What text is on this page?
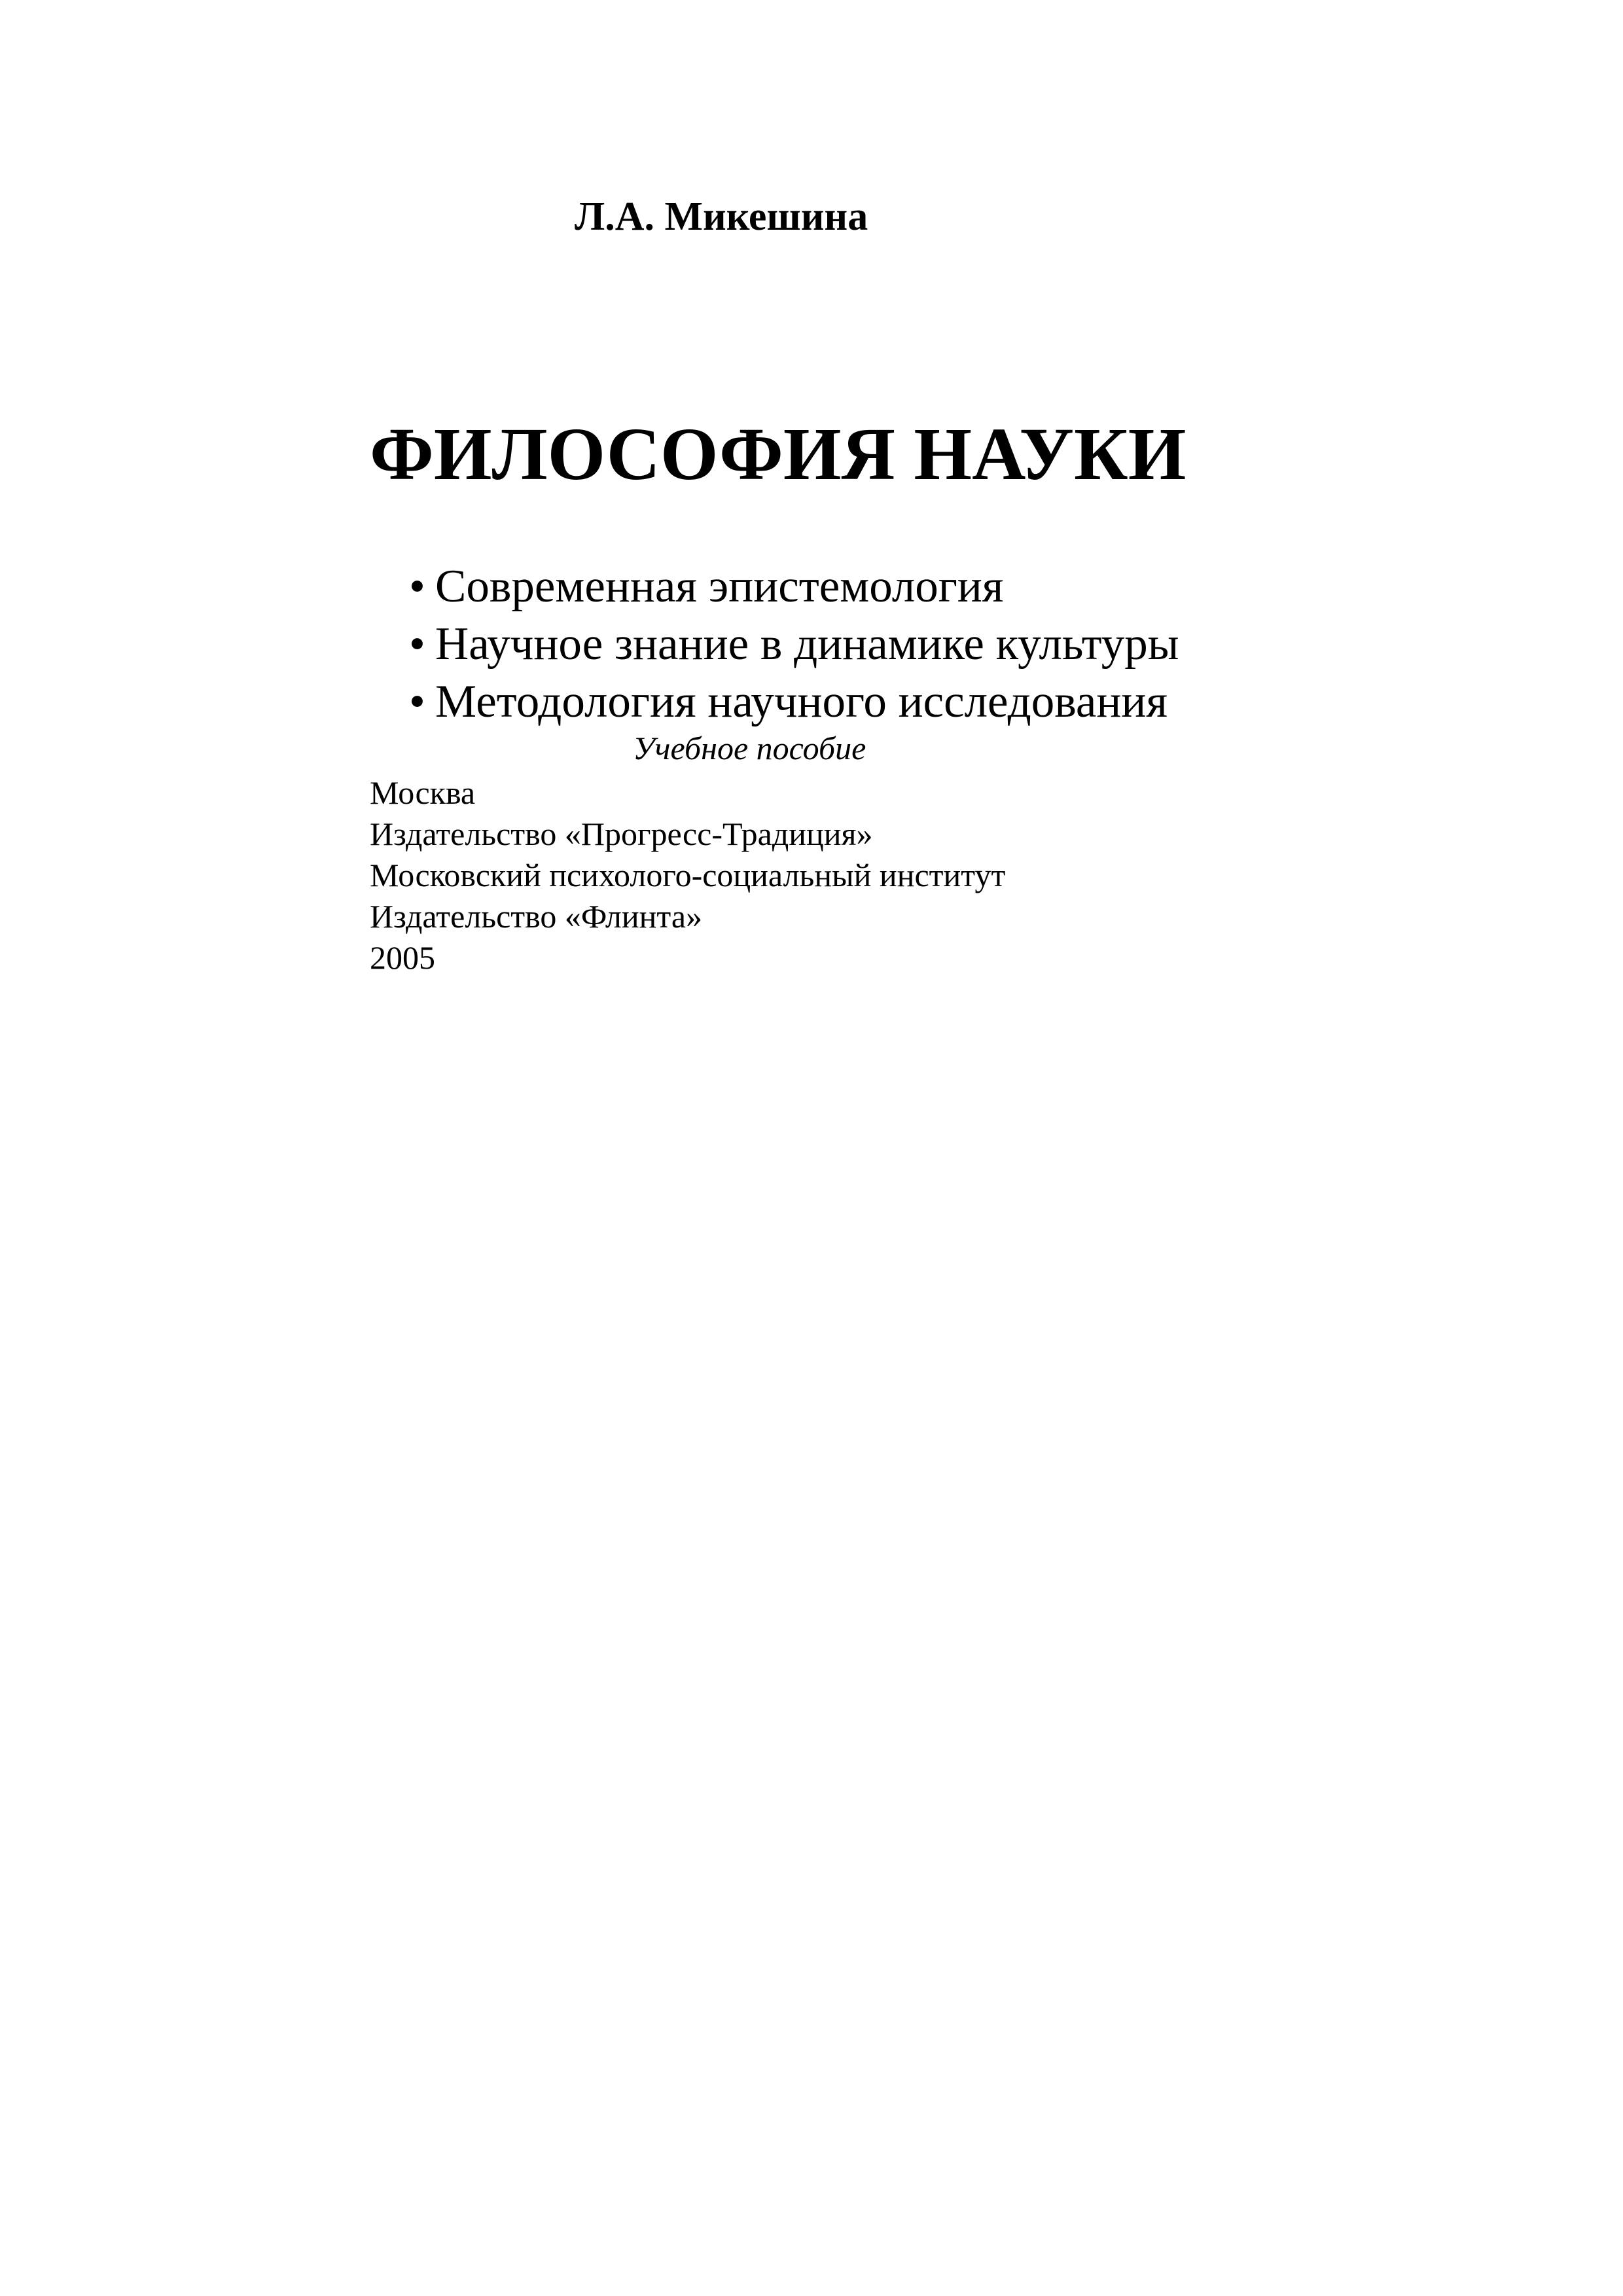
Л.А. Микешина
ФИЛОСОФИЯ НАУКИ
• Современная эпистемология
• Научное знание в динамике культуры
• Методология научного исследования
Учебное пособие
Москва
Издательство «Прогресс-Традиция»
Московский психолого-социальный институт
Издательство «Флинта»
2005
